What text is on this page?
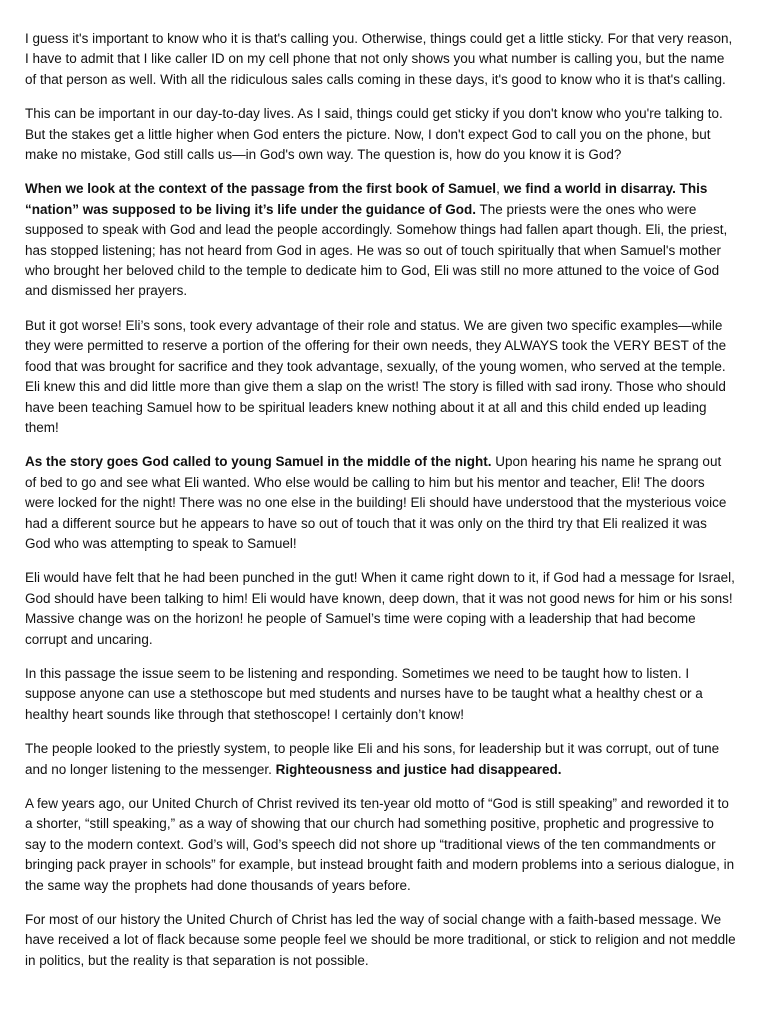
I guess it's important to know who it is that's calling you. Otherwise, things could get a little sticky. For that very reason, I have to admit that I like caller ID on my cell phone that not only shows you what number is calling you, but the name of that person as well. With all the ridiculous sales calls coming in these days, it's good to know who it is that's calling.

This can be important in our day-to-day lives. As I said, things could get sticky if you don't know who you're talking to. But the stakes get a little higher when God enters the picture. Now, I don't expect God to call you on the phone, but make no mistake, God still calls us—in God's own way. The question is, how do you know it is God?

When we look at the context of the passage from the first book of Samuel, we find a world in disarray. This “nation” was supposed to be living it’s life under the guidance of God. The priests were the ones who were supposed to speak with God and lead the people accordingly. Somehow things had fallen apart though. Eli, the priest, has stopped listening; has not heard from God in ages. He was so out of touch spiritually that when Samuel's mother who brought her beloved child to the temple to dedicate him to God, Eli was still no more attuned to the voice of God and dismissed her prayers.

But it got worse! Eli’s sons, took every advantage of their role and status. We are given two specific examples—while they were permitted to reserve a portion of the offering for their own needs, they ALWAYS took the VERY BEST of the food that was brought for sacrifice and they took advantage, sexually, of the young women, who served at the temple. Eli knew this and did little more than give them a slap on the wrist! The story is filled with sad irony. Those who should have been teaching Samuel how to be spiritual leaders knew nothing about it at all and this child ended up leading them!

As the story goes God called to young Samuel in the middle of the night. Upon hearing his name he sprang out of bed to go and see what Eli wanted. Who else would be calling to him but his mentor and teacher, Eli! The doors were locked for the night! There was no one else in the building! Eli should have understood that the mysterious voice had a different source but he appears to have so out of touch that it was only on the third try that Eli realized it was God who was attempting to speak to Samuel!

Eli would have felt that he had been punched in the gut! When it came right down to it, if God had a message for Israel, God should have been talking to him! Eli would have known, deep down, that it was not good news for him or his sons! Massive change was on the horizon! he people of Samuel’s time were coping with a leadership that had become corrupt and uncaring.

In this passage the issue seem to be listening and responding. Sometimes we need to be taught how to listen. I suppose anyone can use a stethoscope but med students and nurses have to be taught what a healthy chest or a healthy heart sounds like through that stethoscope! I certainly don’t know!

The people looked to the priestly system, to people like Eli and his sons, for leadership but it was corrupt, out of tune and no longer listening to the messenger. Righteousness and justice had disappeared.

A few years ago, our United Church of Christ revived its ten-year old motto of “God is still speaking” and reworded it to a shorter, “still speaking,” as a way of showing that our church had something positive, prophetic and progressive to say to the modern context. God’s will, God’s speech did not shore up “traditional views of the ten commandments or bringing pack prayer in schools” for example, but instead brought faith and modern problems into a serious dialogue, in the same way the prophets had done thousands of years before.

For most of our history the United Church of Christ has led the way of social change with a faith-based message. We have received a lot of flack because some people feel we should be more traditional, or stick to religion and not meddle in politics, but the reality is that separation is not possible.
